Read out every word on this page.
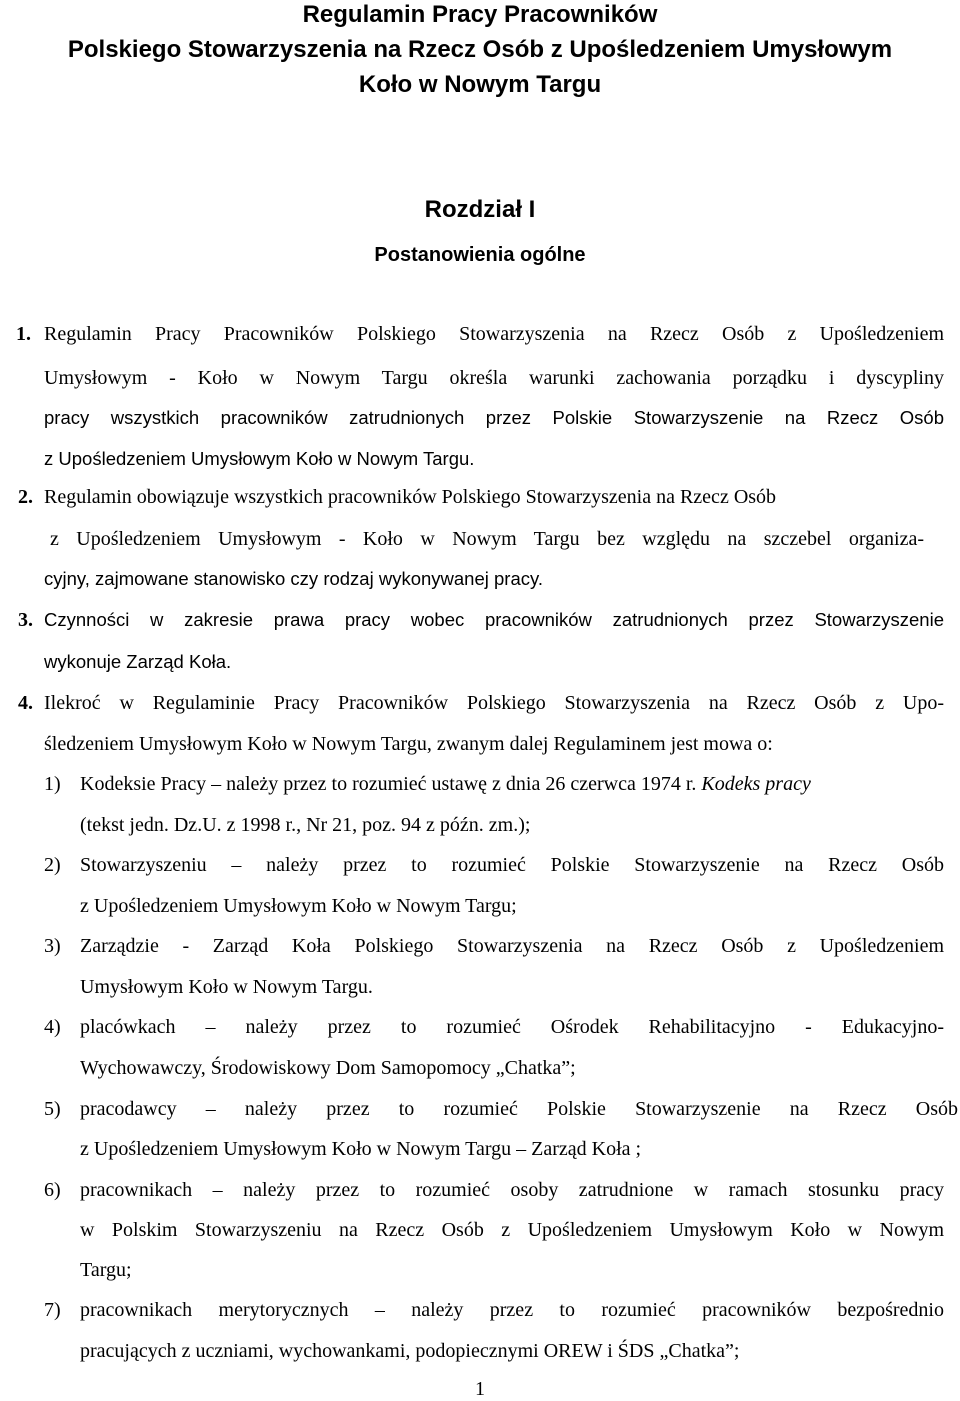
Regulamin Pracy Pracowników
Polskiego Stowarzyszenia na Rzecz Osób z Upośledzeniem Umysłowym
Koło w Nowym Targu
Rozdział I
Postanowienia ogólne
1. Regulamin Pracy Pracowników Polskiego Stowarzyszenia na Rzecz Osób z Upośledzeniem
Umysłowym - Koło w Nowym Targu określa warunki zachowania porządku i dyscypliny
pracy wszystkich pracowników zatrudnionych przez Polskie Stowarzyszenie na Rzecz Osób
z Upośledzeniem Umysłowym Koło w Nowym Targu.
2. Regulamin obowiązuje wszystkich pracowników Polskiego Stowarzyszenia na Rzecz Osób
z Upośledzeniem Umysłowym - Koło w Nowym Targu bez względu na szczebel organiza-
cyjny, zajmowane stanowisko czy rodzaj wykonywanej pracy.
3. Czynności w zakresie prawa pracy wobec pracowników zatrudnionych przez Stowarzyszenie
wykonuje Zarząd Koła.
4. Ilekroć w Regulaminie Pracy Pracowników Polskiego Stowarzyszenia na Rzecz Osób z Upo-
śledzeniem Umysłowym Koło w Nowym Targu, zwanym dalej Regulaminem jest mowa o:
1) Kodeksie Pracy – należy przez to rozumieć ustawę z dnia 26 czerwca 1974 r. Kodeks pracy
(tekst jedn. Dz.U. z 1998 r., Nr 21, poz. 94 z późn. zm.);
2) Stowarzyszeniu – należy przez to rozumieć Polskie Stowarzyszenie na Rzecz Osób
z Upośledzeniem Umysłowym Koło w Nowym Targu;
3) Zarządzie - Zarząd Koła Polskiego Stowarzyszenia na Rzecz Osób z Upośledzeniem
Umysłowym Koło w Nowym Targu.
4) placówkach – należy przez to rozumieć Ośrodek Rehabilitacyjno - Edukacyjno-
Wychowawczy, Środowiskowy Dom Samopomocy „Chatka”;
5) pracodawcy – należy przez to rozumieć Polskie Stowarzyszenie na Rzecz Osób
z Upośledzeniem Umysłowym Koło w Nowym Targu – Zarząd Koła ;
6) pracownikach – należy przez to rozumieć osoby zatrudnione w ramach stosunku pracy
w Polskim Stowarzyszeniu na Rzecz Osób z Upośledzeniem Umysłowym Koło w Nowym
Targu;
7) pracownikach merytorycznych – należy przez to rozumieć pracowników bezpośrednio
pracujących z uczniami, wychowankami, podopiecznymi OREW i ŚDS „Chatka”;
1
